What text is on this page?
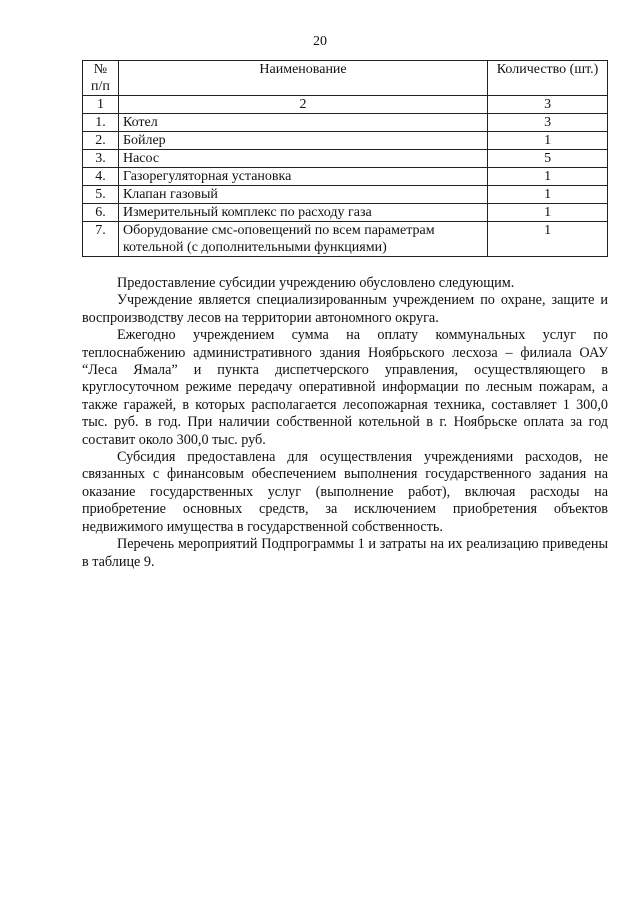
20
№ п/п	Наименование	Количество (шт.)
1	2	3
1.	Котел	3
2.	Бойлер	1
3.	Насос	5
4.	Газорегуляторная установка	1
5.	Клапан газовый	1
6.	Измерительный комплекс по расходу газа	1
7.	Оборудование смс-оповещений по всем параметрам котельной (с дополнительными функциями)	1

Предоставление субсидии учреждению обусловлено следующим.

Учреждение является специализированным учреждением по охране, защите и воспроизводству лесов на территории автономного округа.

Ежегодно учреждением сумма на оплату коммунальных услуг по теплоснабжению административного здания Ноябрьского лесхоза – филиала ОАУ “Леса Ямала” и пункта диспетчерского управления, осуществляющего в круглосуточном режиме передачу оперативной информации по лесным пожарам, а также гаражей, в которых располагается лесопожарная техника, составляет 1 300,0 тыс. руб. в год. При наличии собственной котельной в г. Ноябрьске оплата за год составит около 300,0 тыс. руб.

Субсидия предоставлена для осуществления учреждениями расходов, не связанных с финансовым обеспечением выполнения государственного задания на оказание государственных услуг (выполнение работ), включая расходы на приобретение основных средств, за исключением приобретения объектов недвижимого имущества в государственной собственность.

Перечень мероприятий Подпрограммы 1 и затраты на их реализацию приведены в таблице 9.
